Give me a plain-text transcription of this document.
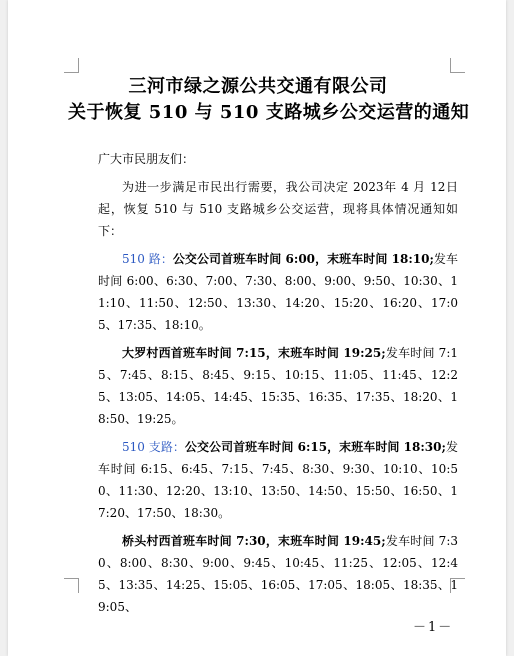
三河市绿之源公共交通有限公司
关于恢复 510 与 510 支路城乡公交运营的通知

广大市民朋友们：

为进一步满足市民出行需要，我公司决定 2023年 4 月 12日起，恢复 510 与 510 支路城乡公交运营，现将具体情况通知如下：

510 路：公交公司首班车时间 6:00，末班车时间 18:10;发车时间 6:00、6:30、7:00、7:30、8:00、9:00、9:50、10:30、11:10、11:50、12:50、13:30、14:20、15:20、16:20、17:05、17:35、18:10。

大罗村西首班车时间 7:15，末班车时间 19:25;发车时间 7:15、7:45、8:15、8:45、9:15、10:15、11:05、11:45、12:25、13:05、14:05、14:45、15:35、16:35、17:35、18:20、18:50、19:25。

510 支路：公交公司首班车时间 6:15，末班车时间 18:30;发车时间 6:15、6:45、7:15、7:45、8:30、9:30、10:10、10:50、11:30、12:20、13:10、13:50、14:50、15:50、16:50、17:20、17:50、18:30。

桥头村西首班车时间 7:30，末班车时间 19:45;发车时间 7:30、8:00、8:30、9:00、9:45、10:45、11:25、12:05、12:45、13:35、14:25、15:05、16:05、17:05、18:05、18:35、19:05、

－1－
